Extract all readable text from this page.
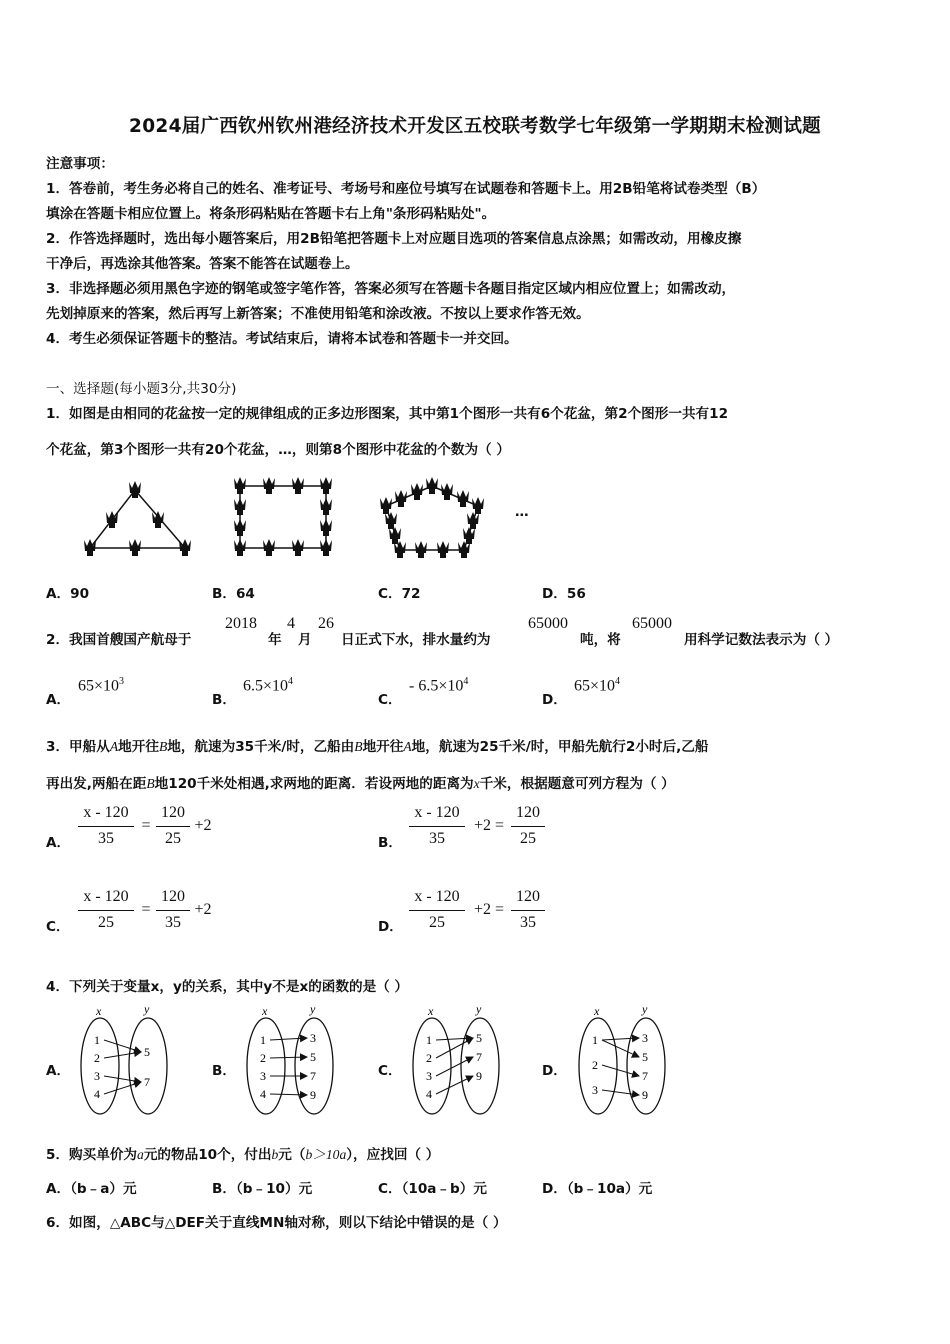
2024届广西钦州钦州港经济技术开发区五校联考数学七年级第一学期期末检测试题
注意事项：
1．答卷前，考生务必将自己的姓名、准考证号、考场号和座位号填写在试题卷和答题卡上。用2B铅笔将试卷类型（B）
填涂在答题卡相应位置上。将条形码粘贴在答题卡右上角"条形码粘贴处"。
2．作答选择题时，选出每小题答案后，用2B铅笔把答题卡上对应题目选项的答案信息点涂黑；如需改动，用橡皮擦
干净后，再选涂其他答案。答案不能答在试题卷上。
3．非选择题必须用黑色字迹的钢笔或签字笔作答，答案必须写在答题卡各题目指定区域内相应位置上；如需改动，
先划掉原来的答案，然后再写上新答案；不准使用铅笔和涂改液。不按以上要求作答无效。
4．考生必须保证答题卡的整洁。考试结束后，请将本试卷和答题卡一并交回。
一、选择题(每小题3分,共30分)
1．如图是由相同的花盆按一定的规律组成的正多边形图案，其中第1个图形一共有6个花盆，第2个图形一共有12
个花盆，第3个图形一共有20个花盆，…，则第8个图形中花盆的个数为（ ）
…
A．90	B．64	C．72	D．56
2．我国首艘国产航母于
2018
年
4
月
26
日正式下水，排水量约为
65000
吨，将
65000
用科学记数法表示为（ ）
A．
$65\times 10^3$
B．
$6.5\times 10^4$
C．
- $6.5\times 10^4$
D．
$65\times 10^4$
3．甲船从A地开往B地，航速为35千米/时，乙船由B地开往A地，航速为25千米/时，甲船先航行2小时后,乙船
再出发,两船在距B地120千米处相遇,求两地的距离．若设两地的距离为x千米，根据题意可列方程为（ ）
A．
x - 120
35
=
120
25
+2
B．
x - 120
35
+2 =
120
25
C．
x - 120
25
=
120
35
+2
D．
x - 120
25
+2 =
120
35
4．下列关于变量x，y的关系，其中y不是x的函数的是（ ）
A．	B．	C．	D．
x	y
1
2
3
4
5
7
x	y
1
2
3
4
3
5
7
9
x	y
1
2
3
4
5
7
9
x	y
1
2
3
3
5
7
9
5．购买单价为a元的物品10个，付出b元（b＞10a），应找回（ ）
A．（b﹣a）元	B．（b﹣10）元	C．（10a﹣b）元	D．（b﹣10a）元
6．如图，△ABC与△DEF关于直线MN轴对称，则以下结论中错误的是（ ）
